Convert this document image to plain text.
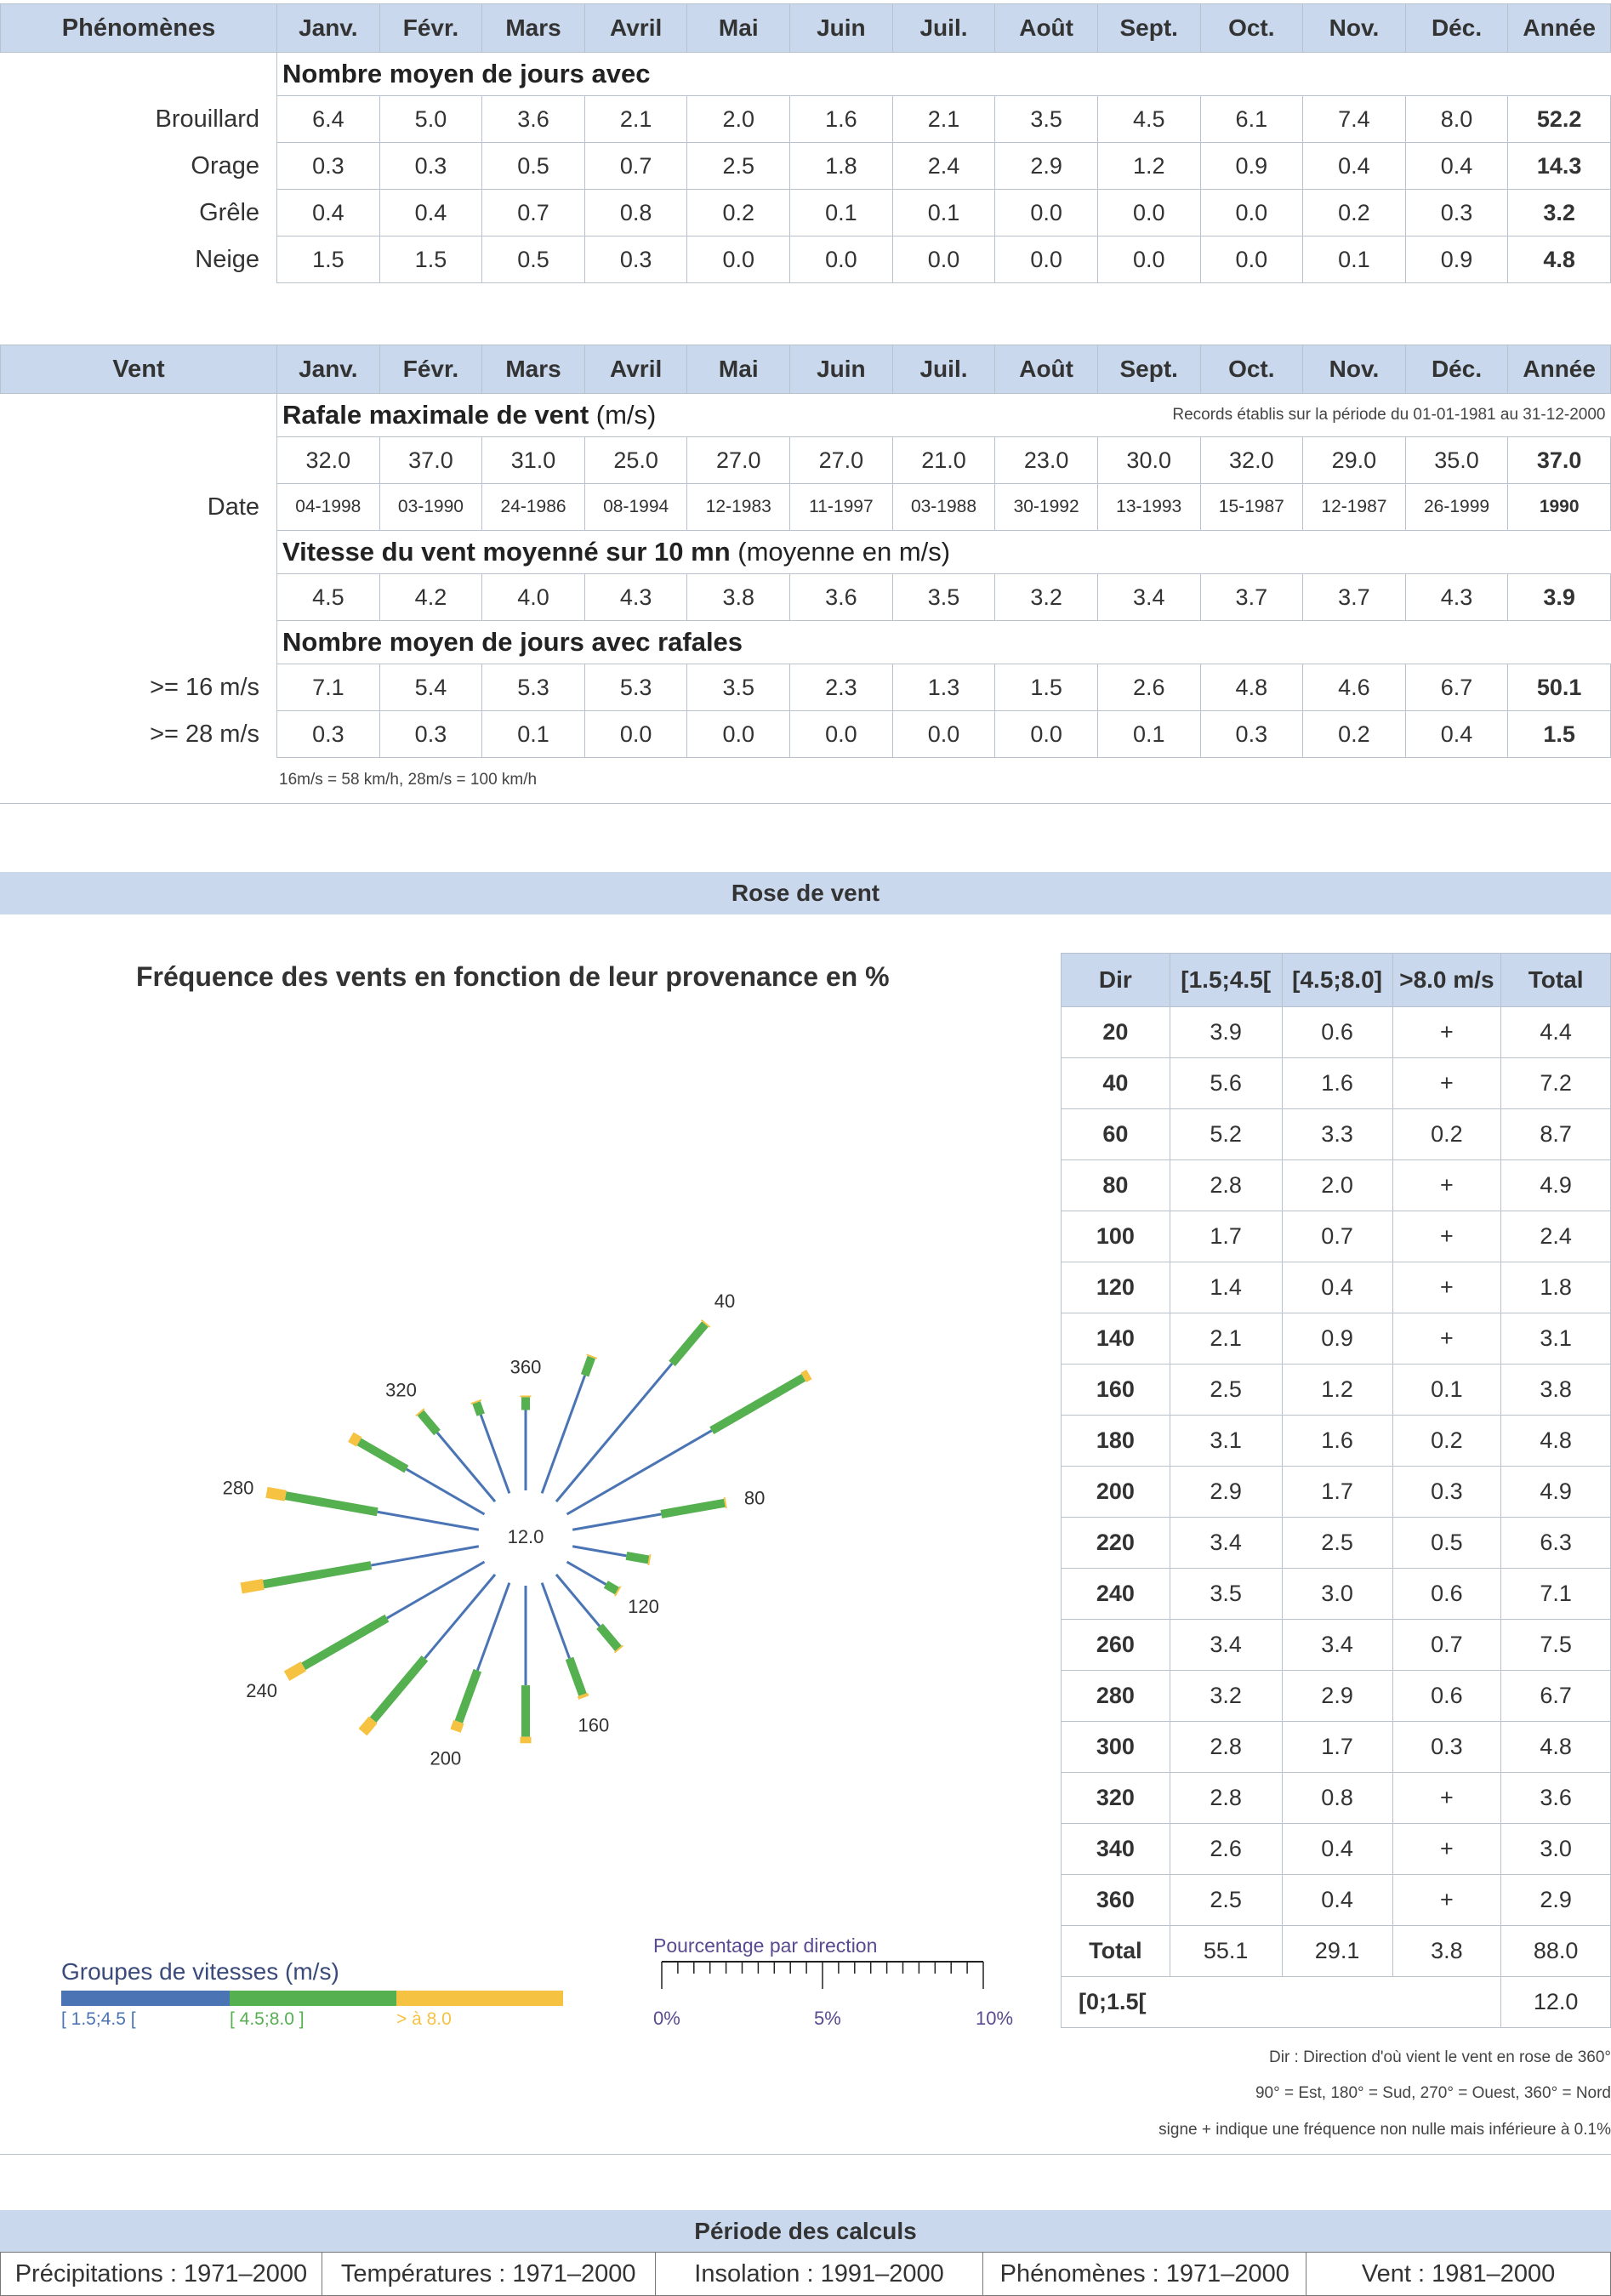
Phénomènes	Janv.	Févr.	Mars	Avril	Mai	Juin	Juil.	Août	Sept.	Oct.	Nov.	Déc.	Année
	Nombre moyen de jours avec												
Brouillard	6.4	5.0	3.6	2.1	2.0	1.6	2.1	3.5	4.5	6.1	7.4	8.0	52.2
Orage	0.3	0.3	0.5	0.7	2.5	1.8	2.4	2.9	1.2	0.9	0.4	0.4	14.3
Grêle	0.4	0.4	0.7	0.8	0.2	0.1	0.1	0.0	0.0	0.0	0.2	0.3	3.2
Neige	1.5	1.5	0.5	0.3	0.0	0.0	0.0	0.0	0.0	0.0	0.1	0.9	4.8
Vent	Janv.	Févr.	Mars	Avril	Mai	Juin	Juil.	Août	Sept.	Oct.	Nov.	Déc.	Année
	Rafale maximale de vent (m/s) Records établis sur la période du 01-01-1981 au 31-12-2000												

	32.0	37.0	31.0	25.0	27.0	27.0	21.0	23.0	30.0	32.0	29.0	35.0	37.0
Date	04-1998	03-1990	24-1986	08-1994	12-1983	11-1997	03-1988	30-1992	13-1993	15-1987	12-1987	26-1999	1990
	Vitesse du vent moyenné sur 10 mn (moyenne en m/s)												
	4.5	4.2	4.0	4.3	3.8	3.6	3.5	3.2	3.4	3.7	3.7	4.3	3.9
	Nombre moyen de jours avec rafales												
>= 16 m/s	7.1	5.4	5.3	5.3	3.5	2.3	1.3	1.5	2.6	4.8	4.6	6.7	50.1
>= 28 m/s	0.3	0.3	0.1	0.0	0.0	0.0	0.0	0.0	0.1	0.3	0.2	0.4	1.5
16m/s = 58 km/h, 28m/s = 100 km/h
Rose de vent
Fréquence des vents en fonction de leur provenance en %
12.0
40
80
120
160
200
240
280
320
360
Groupes de vitesses (m/s)
[ 1.5;4.5 [	[ 4.5;8.0 ]	> à 8.0
Pourcentage par direction
0%	5%	10%
Dir	[1.5;4.5[	[4.5;8.0]	>8.0 m/s	Total
20	3.9	0.6	+	4.4
40	5.6	1.6	+	7.2
60	5.2	3.3	0.2	8.7
80	2.8	2.0	+	4.9
100	1.7	0.7	+	2.4
120	1.4	0.4	+	1.8
140	2.1	0.9	+	3.1
160	2.5	1.2	0.1	3.8
180	3.1	1.6	0.2	4.8
200	2.9	1.7	0.3	4.9
220	3.4	2.5	0.5	6.3
240	3.5	3.0	0.6	7.1
260	3.4	3.4	0.7	7.5
280	3.2	2.9	0.6	6.7
300	2.8	1.7	0.3	4.8
320	2.8	0.8	+	3.6
340	2.6	0.4	+	3.0
360	2.5	0.4	+	2.9
Total	55.1	29.1	3.8	88.0
[0;1.5[				12.0
Dir : Direction d'où vient le vent en rose de 360°
90° = Est, 180° = Sud, 270° = Ouest, 360° = Nord
signe + indique une fréquence non nulle mais inférieure à 0.1%
Période des calculs
Précipitations : 1971–2000	Températures : 1971–2000	Insolation : 1991–2000	Phénomènes : 1971–2000	Vent : 1981–2000
